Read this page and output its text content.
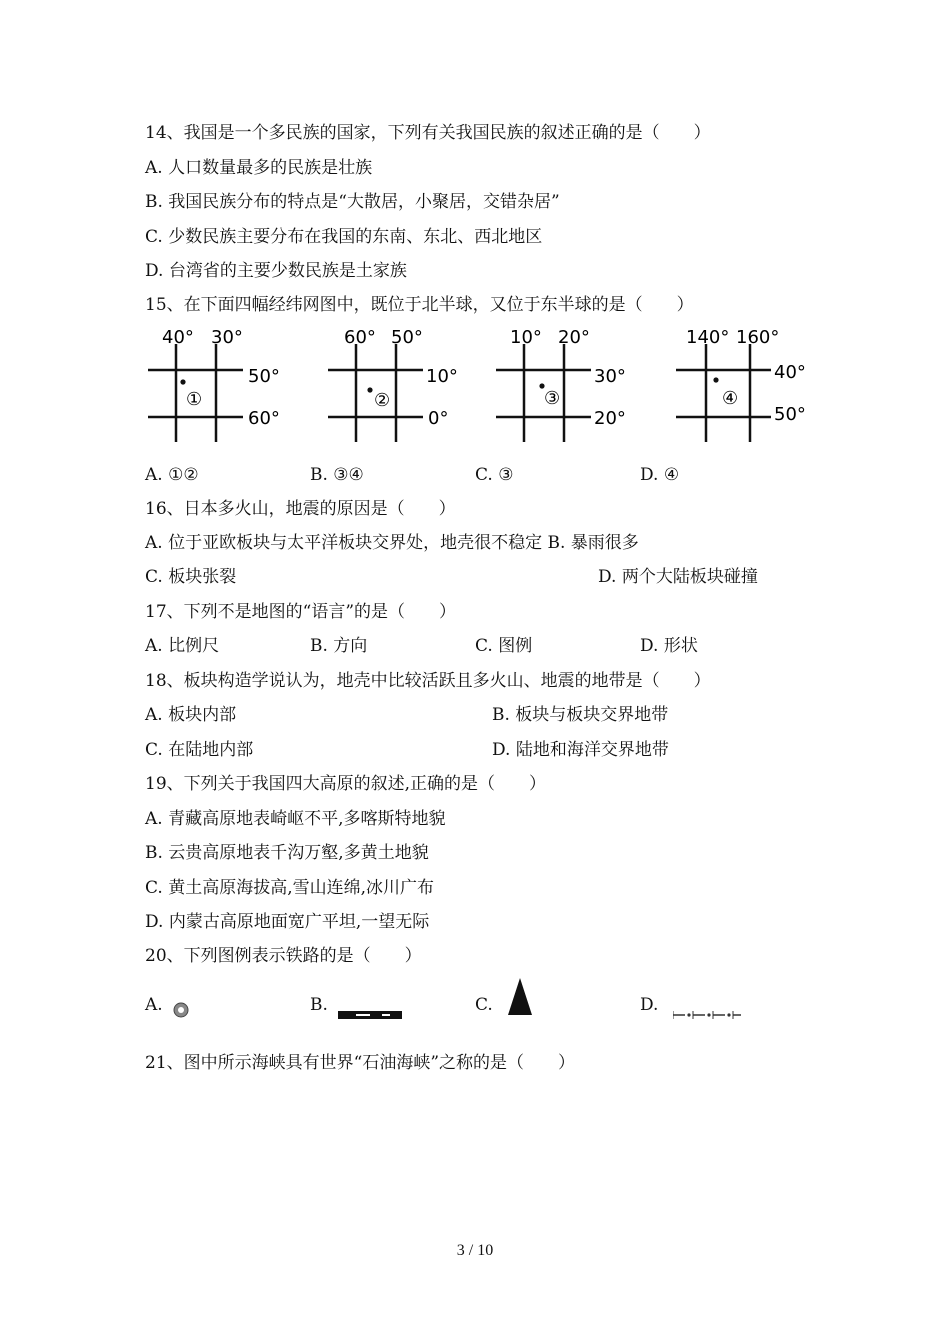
14、我国是一个多民族的国家，下列有关我国民族的叙述正确的是（　　）
A. 人口数量最多的民族是壮族
B. 我国民族分布的特点是“大散居，小聚居，交错杂居”
C. 少数民族主要分布在我国的东南、东北、西北地区
D. 台湾省的主要少数民族是土家族
15、在下面四幅经纬网图中，既位于北半球，又位于东半球的是（　　）
40° 30°
50°
60°
①
60° 50°
10°
0°
②
10° 20°
30°
20°
③
140° 160°
40°
50°
④
A. ①②	B. ③④	C. ③	D. ④
16、日本多火山，地震的原因是（　　）
A. 位于亚欧板块与太平洋板块交界处，地壳很不稳定 B. 暴雨很多
C. 板块张裂	D. 两个大陆板块碰撞
17、下列不是地图的“语言”的是（　　）
A. 比例尺	B. 方向	C. 图例	D. 形状
18、板块构造学说认为，地壳中比较活跃且多火山、地震的地带是（　　）
A. 板块内部	B. 板块与板块交界地带
C. 在陆地内部	D. 陆地和海洋交界地带
19、下列关于我国四大高原的叙述,正确的是（　　）
A. 青藏高原地表崎岖不平,多喀斯特地貌
B. 云贵高原地表千沟万壑,多黄土地貌
C. 黄土高原海拔高,雪山连绵,冰川广布
D. 内蒙古高原地面宽广平坦,一望无际
20、下列图例表示铁路的是（　　）
A.	B.	C.	D.
21、图中所示海峡具有世界“石油海峡”之称的是（　　）
3 / 10
